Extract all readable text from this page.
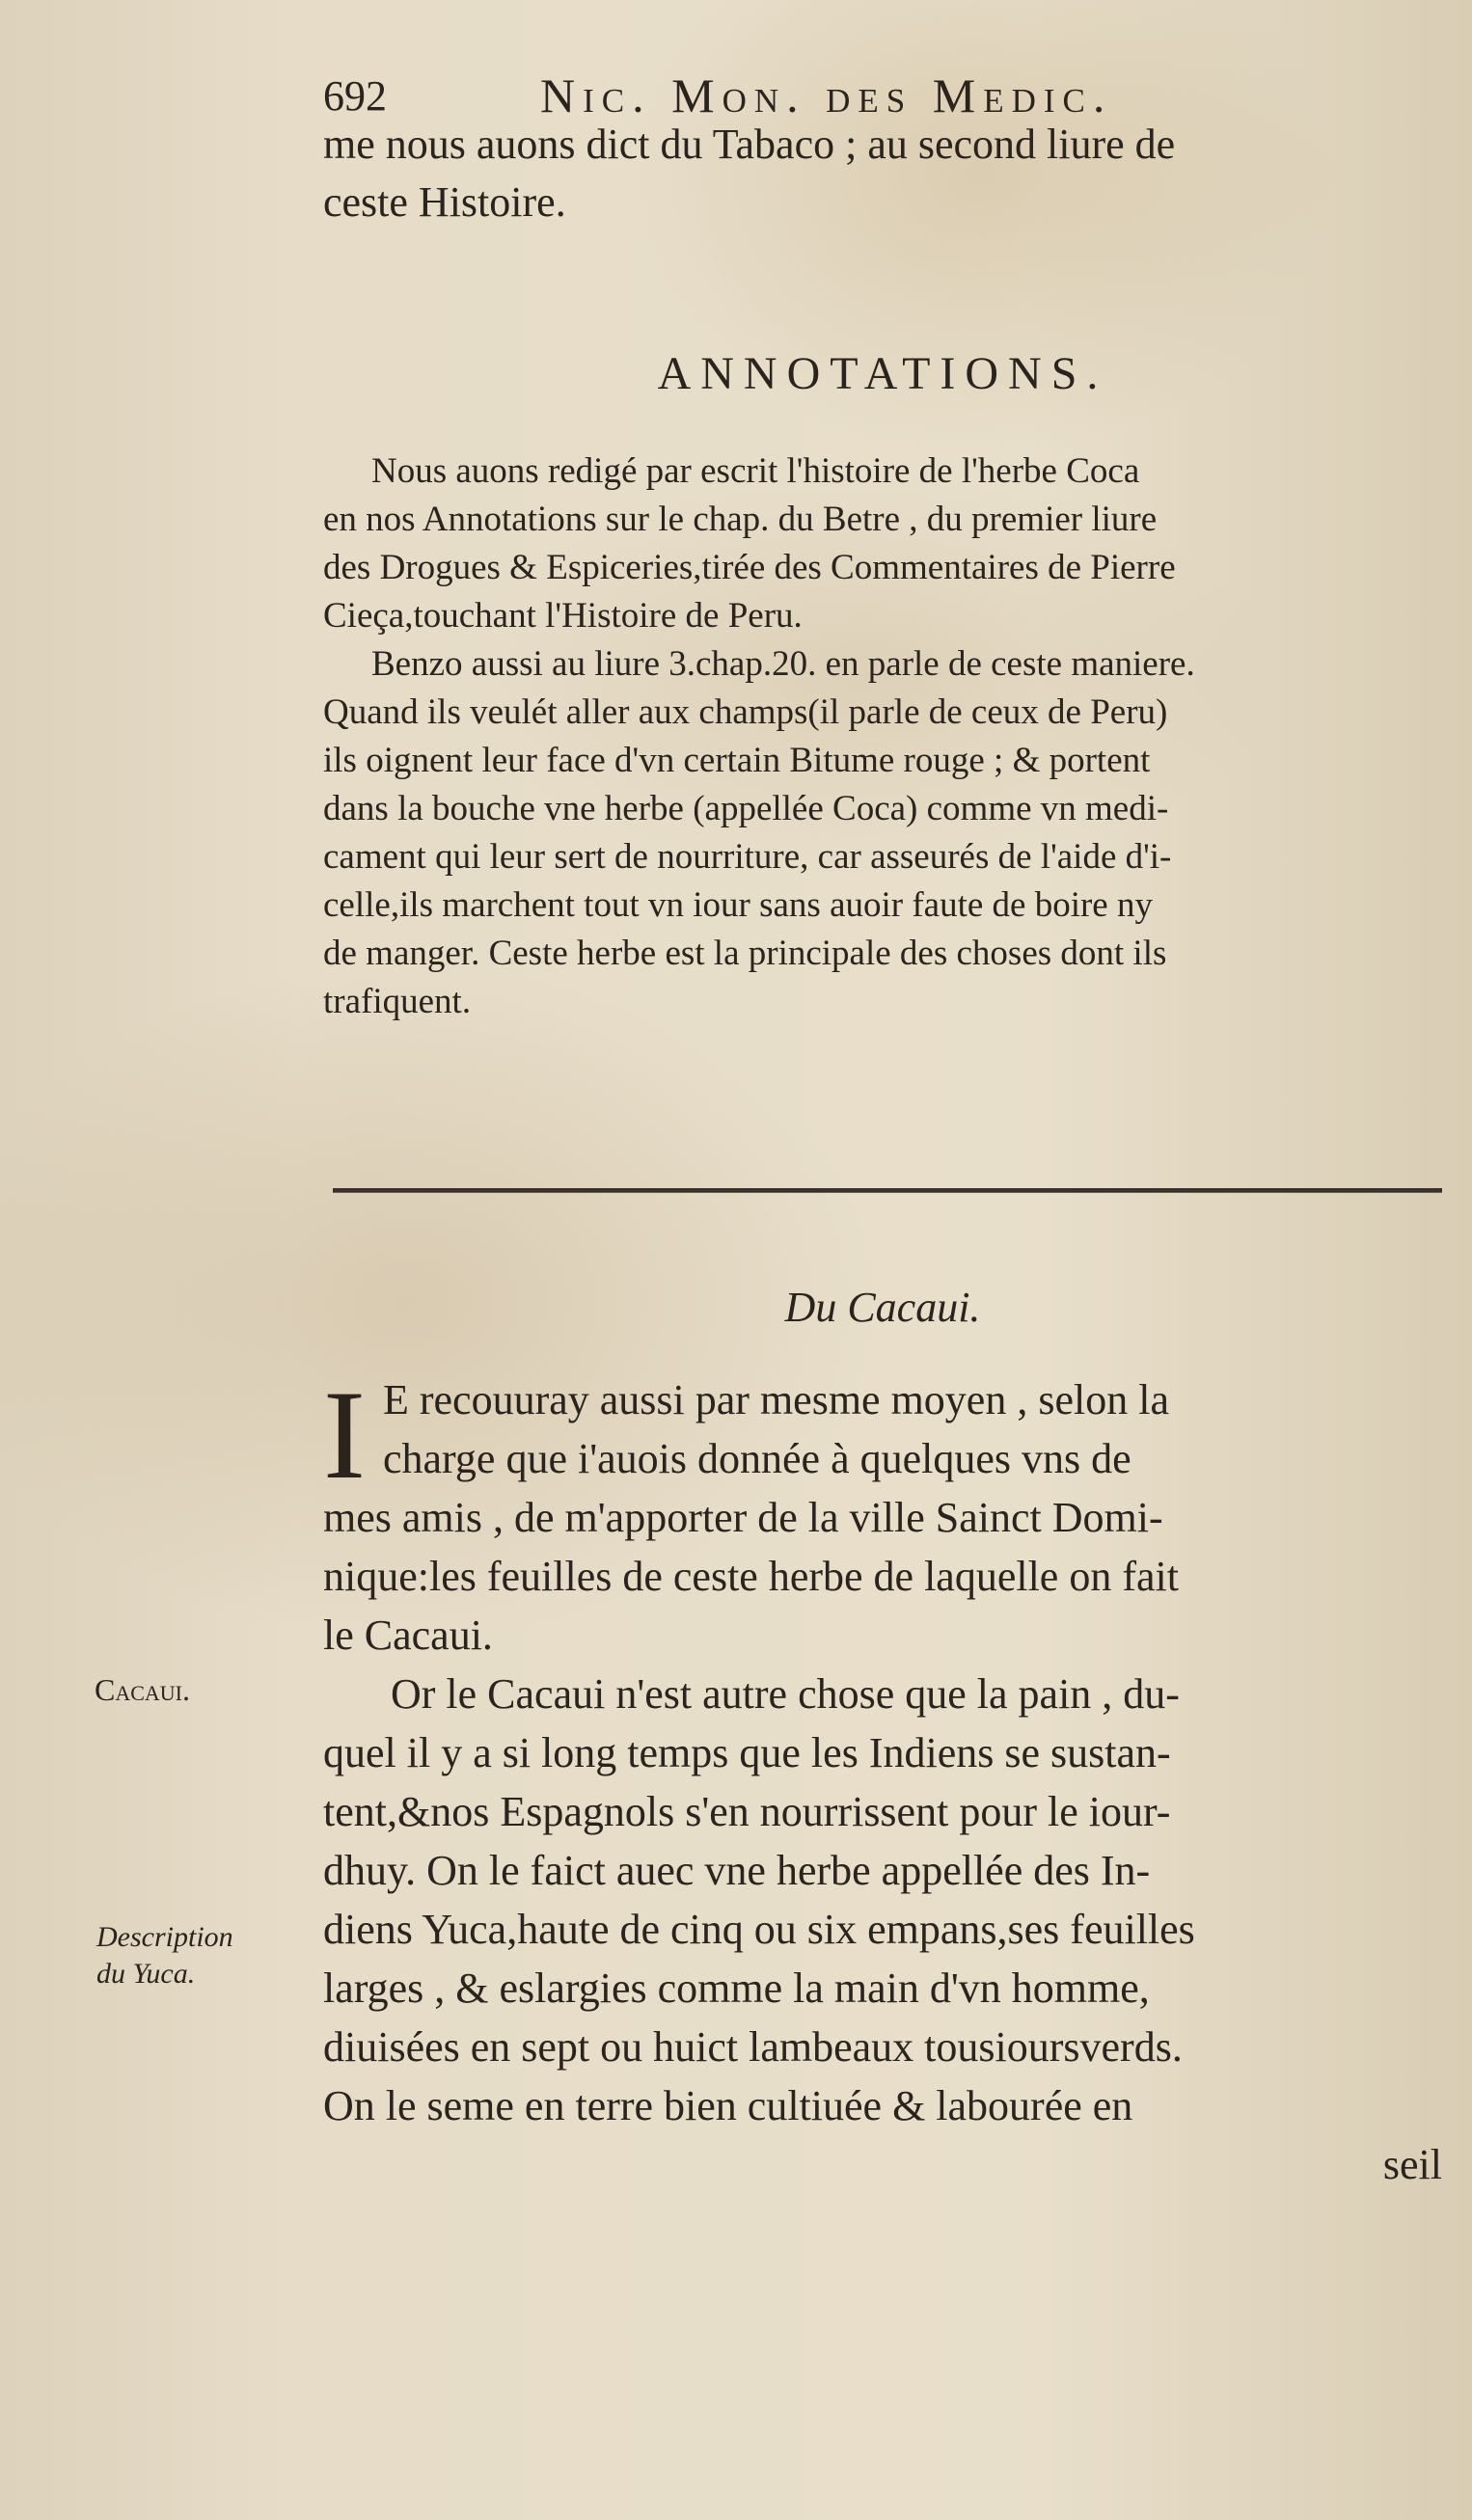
692	Nic. Mon. des Medic.
me nous auons dict du Tabaco ; au second liure de
ceste Histoire.
ANNOTATIONS.
Nous auons redigé par escrit l'histoire de l'herbe Coca
en nos Annotations sur le chap. du Betre , du premier liure
des Drogues & Espiceries,tirée des Commentaires de Pierre
Cieça,touchant l'Histoire de Peru.
Benzo aussi au liure 3.chap.20. en parle de ceste maniere.
Quand ils veulét aller aux champs(il parle de ceux de Peru)
ils oignent leur face d'vn certain Bitume rouge ; & portent
dans la bouche vne herbe (appellée Coca) comme vn medi-
cament qui leur sert de nourriture, car asseurés de l'aide d'i-
celle,ils marchent tout vn iour sans auoir faute de boire ny
de manger. Ceste herbe est la principale des choses dont ils
trafiquent.
Du Cacaui.
I E recouuray aussi par mesme moyen , selon la
charge que i'auois donnée à quelques vns de
mes amis , de m'apporter de la ville Sainct Domi-
nique:les feuilles de ceste herbe de laquelle on fait
le Cacaui.
Or le Cacaui n'est autre chose que la pain , du-
quel il y a si long temps que les Indiens se sustan-
tent,&nos Espagnols s'en nourrissent pour le iour-
dhuy. On le faict auec vne herbe appellée des In-
diens Yuca,haute de cinq ou six empans,ses feuilles
larges , & eslargies comme la main d'vn homme,
diuisées en sept ou huict lambeaux tousioursverds.
On le seme en terre bien cultiuée & labourée en
seil
Cacaui.
Description
du Yuca.
